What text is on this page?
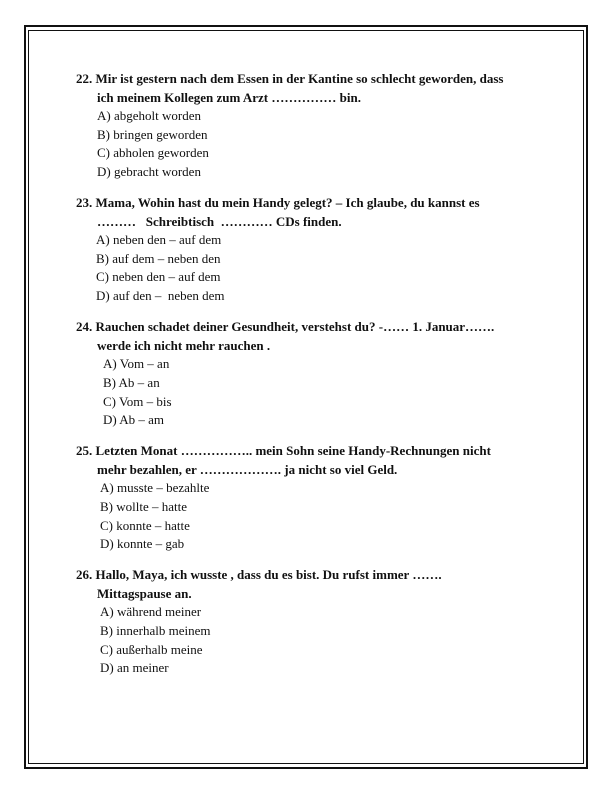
22. Mir ist gestern nach dem Essen in der Kantine so schlecht geworden, dass
ich meinem Kollegen zum Arzt …………… bin.

A) abgeholt worden
B) bringen geworden
C) abholen geworden
D) gebracht worden

23. Mama, Wohin hast du mein Handy gelegt? – Ich glaube, du kannst es
………   Schreibtisch  ………… CDs finden.

A) neben den – auf dem
B) auf dem – neben den
C) neben den – auf dem
D) auf den –  neben dem

24. Rauchen schadet deiner Gesundheit, verstehst du? -…… 1. Januar…….
werde ich nicht mehr rauchen .

A) Vom – an
B) Ab – an
C) Vom – bis
D) Ab – am

25. Letzten Monat …………….. mein Sohn seine Handy-Rechnungen nicht
mehr bezahlen, er ………………. ja nicht so viel Geld.

A) musste – bezahlte
B) wollte – hatte
C) konnte – hatte
D) konnte – gab

26. Hallo, Maya, ich wusste , dass du es bist. Du rufst immer …….
Mittagspause an.

A) während meiner
B) innerhalb meinem
C) außerhalb meine
D) an meiner
